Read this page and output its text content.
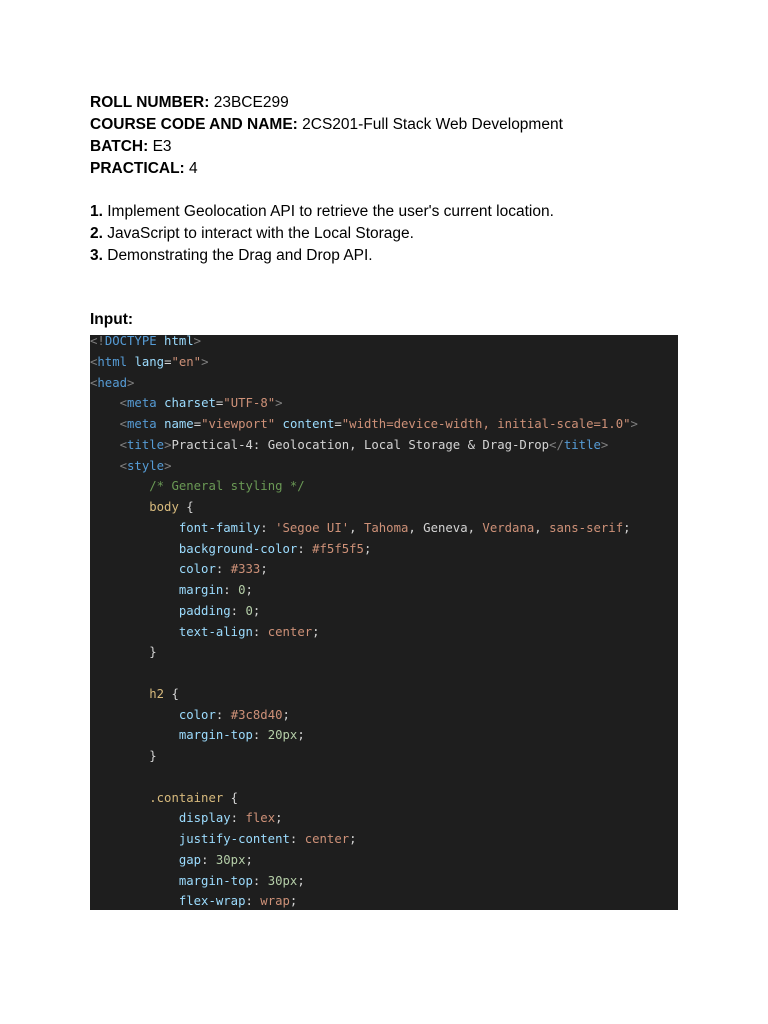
ROLL NUMBER: 23BCE299
COURSE CODE AND NAME: 2CS201-Full Stack Web Development
BATCH: E3
PRACTICAL: 4
1. Implement Geolocation API to retrieve the user's current location.
2. JavaScript to interact with the Local Storage.
3. Demonstrating the Drag and Drop API.
Input:
<!DOCTYPE html>
<html lang="en">
<head>
<meta charset="UTF-8">
<meta name="viewport" content="width=device-width, initial-scale=1.0">
<title>Practical-4: Geolocation, Local Storage & Drag-Drop</title>
<style>
/* General styling */
body {
font-family: 'Segoe UI', Tahoma, Geneva, Verdana, sans-serif;
background-color: #f5f5f5;
color: #333;
margin: 0;
padding: 0;
text-align: center;
}
h2 {
color: #3c8d40;
margin-top: 20px;
}
.container {
display: flex;
justify-content: center;
gap: 30px;
margin-top: 30px;
flex-wrap: wrap;
